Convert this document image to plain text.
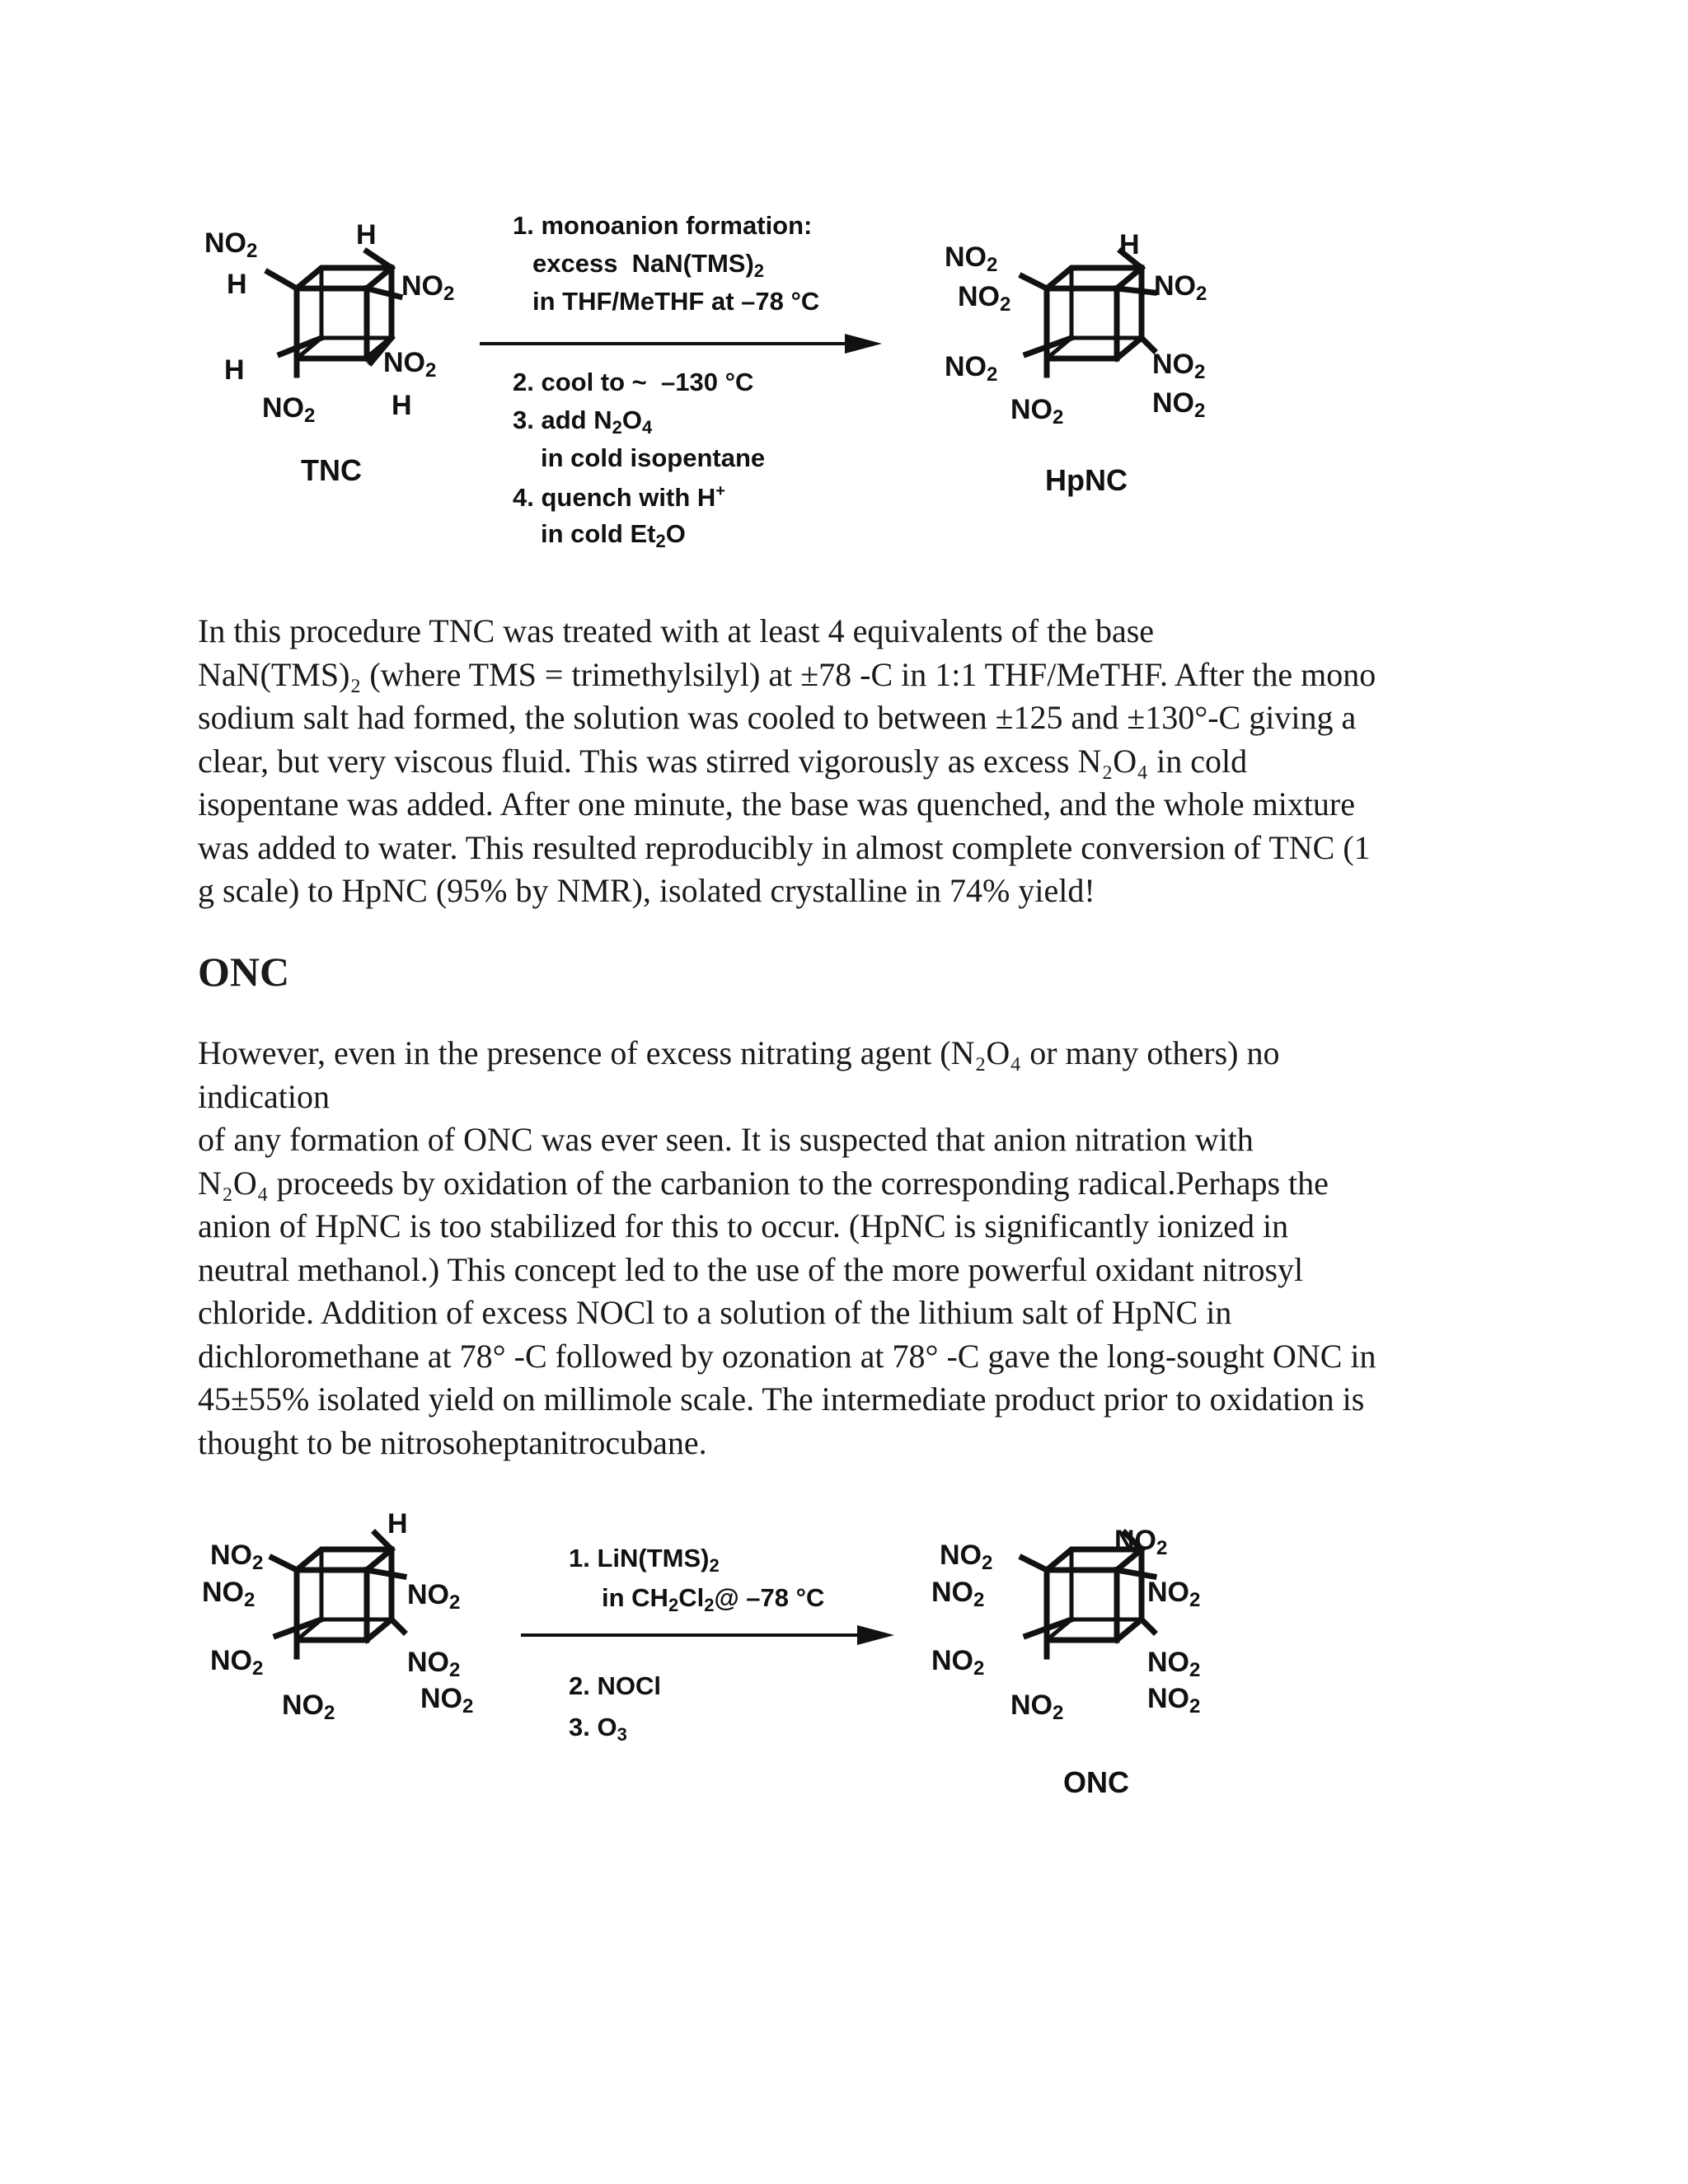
$NO_2$
H
H
$NO_2$
$NO_2$
H
H
$NO_2$
TNC
1. monoanion formation:
excess  $NaN(TMS)_2$
in THF/MeTHF at –78 °C
2. cool to ~  –130 °C
3. add $N_2O_4$
in cold isopentane
4. quench with H+
in cold $Et_2O$
$NO_2$
$NO_2$
H
$NO_2$
$NO_2$
$NO_2$
$NO_2$
$NO_2$
HpNC
In this procedure TNC was treated with at least 4 equivalents of the base
NaN(TMS)₂ (where TMS = trimethylsilyl) at ±78 -C in 1:1 THF/MeTHF. After the mono
sodium salt had formed, the solution was cooled to between ±125 and ±130°-C giving a
clear, but very viscous fluid. This was stirred vigorously as excess N₂O₄ in cold
isopentane was added. After one minute, the base was quenched, and the whole mixture
was added to water. This resulted reproducibly in almost complete conversion of TNC (1
g scale) to HpNC (95% by NMR), isolated crystalline in 74% yield!
ONC
However, even in the presence of excess nitrating agent (N₂O₄ or many others) no
indication
of any formation of ONC was ever seen. It is suspected that anion nitration with
N₂O₄ proceeds by oxidation of the carbanion to the corresponding radical.Perhaps the
anion of HpNC is too stabilized for this to occur. (HpNC is significantly ionized in
neutral methanol.) This concept led to the use of the more powerful oxidant nitrosyl
chloride. Addition of excess NOCl to a solution of the lithium salt of HpNC in
dichloromethane at 78° -C followed by ozonation at 78° -C gave the long-sought ONC in
45±55% isolated yield on millimole scale. The intermediate product prior to oxidation is
thought to be nitrosoheptanitrocubane.
$NO_2$
$NO_2$
H
$NO_2$
$NO_2$
$NO_2$
$NO_2$
$NO_2$
1. $LiN(TMS)_2$
in $CH_2Cl_2@$ –78 °C
2. NOCl
3. $O_3$
$NO_2$
$NO_2$
$NO_2$
$NO_2$
$NO_2$
$NO_2$
$NO_2$
$NO_2$
ONC
